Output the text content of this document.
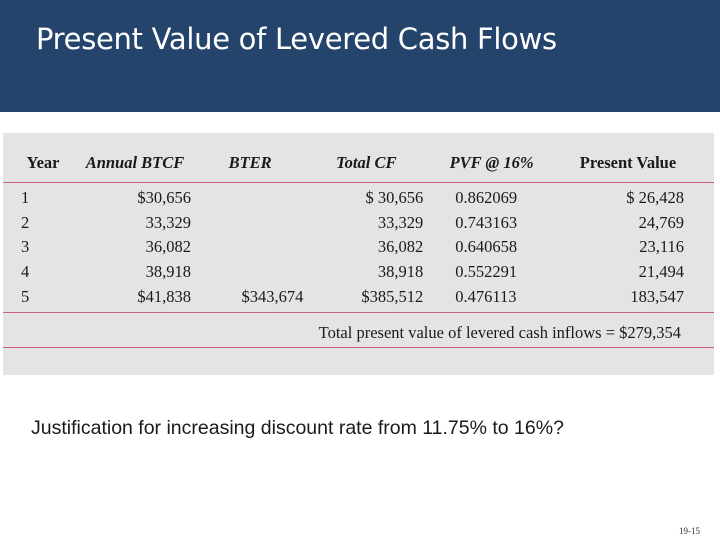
Present Value of Levered Cash Flows
Year	Annual BTCF	BTER	Total CF	PVF @ 16%	Present Value
1	$30,656		$ 30,656	0.862069	$ 26,428
2	33,329		33,329	0.743163	24,769
3	36,082		36,082	0.640658	23,116
4	38,918		38,918	0.552291	21,494
5	$41,838	$343,674	$385,512	0.476113	183,547
Total present value of levered cash inflows = $279,354
Justification for increasing discount rate from 11.75% to 16%?
19-15
